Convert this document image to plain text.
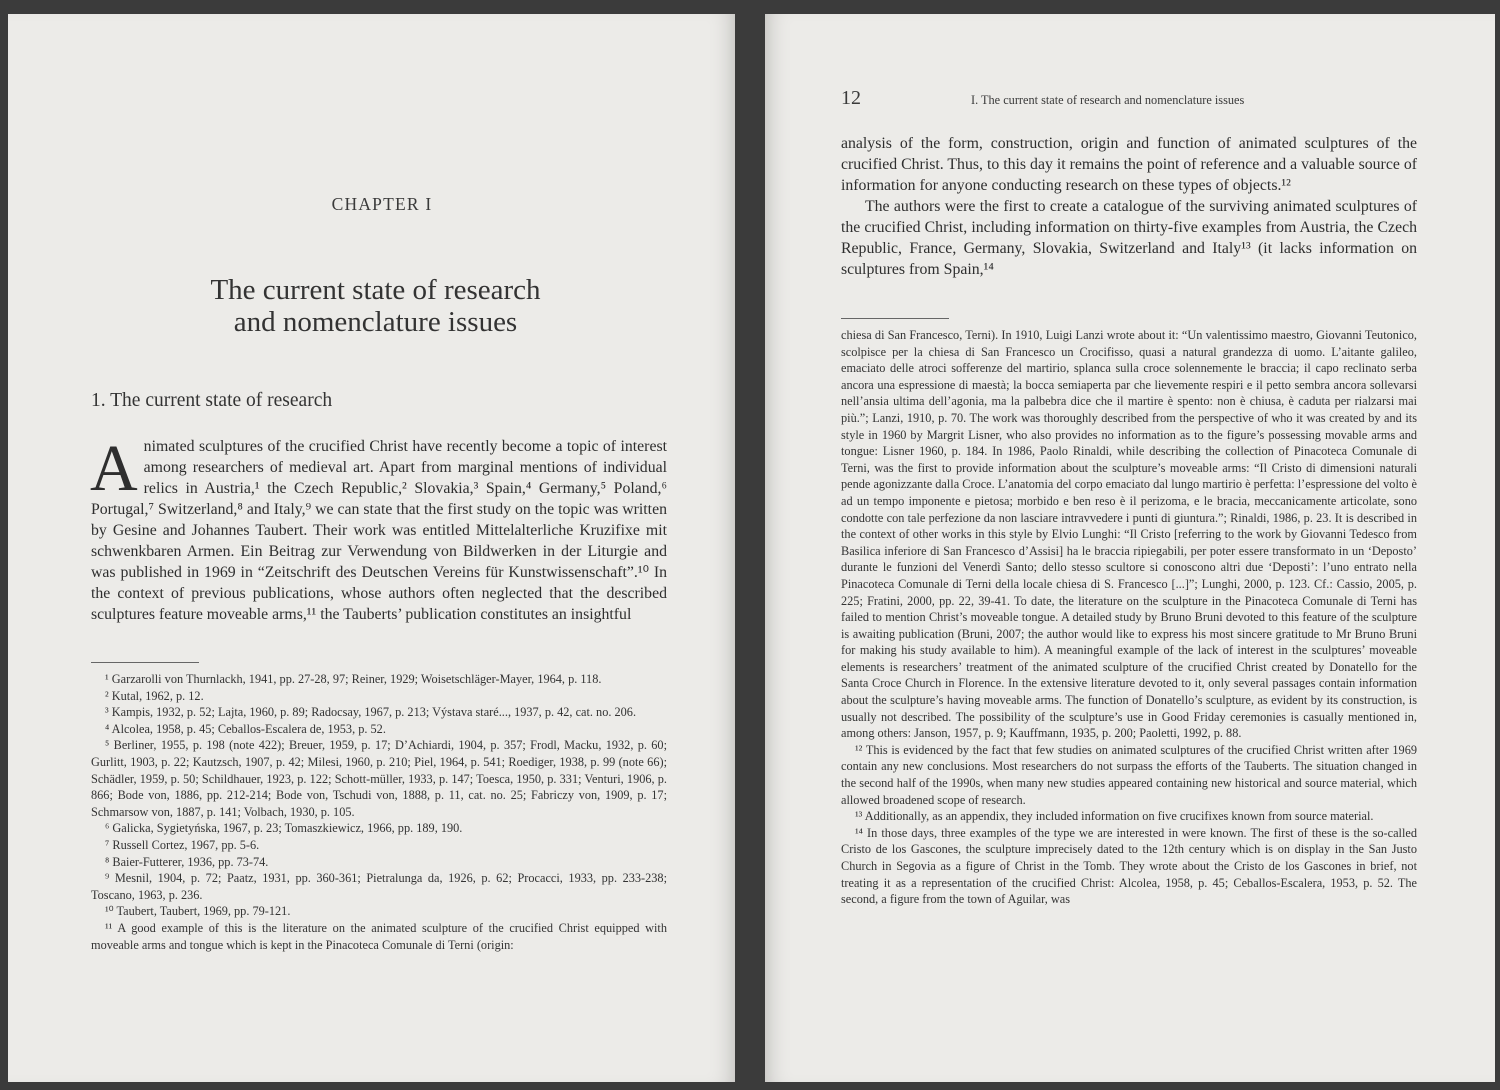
CHAPTER I
The current state of research
and nomenclature issues
1. The current state of research
A nimated sculptures of the crucified Christ have recently become a topic of interest among researchers of medieval art. Apart from marginal mentions of individual relics in Austria,¹ the Czech Republic,² Slovakia,³ Spain,⁴ Germany,⁵ Poland,⁶ Portugal,⁷ Switzerland,⁸ and Italy,⁹ we can state that the first study on the topic was written by Gesine and Johannes Taubert. Their work was entitled Mittelalterliche Kruzifixe mit schwenkbaren Armen. Ein Beitrag zur Verwendung von Bildwerken in der Liturgie and was published in 1969 in “Zeitschrift des Deutschen Vereins für Kunstwissenschaft”.¹⁰ In the context of previous publications, whose authors often neglected that the described sculptures feature moveable arms,¹¹ the Tauberts’ publication constitutes an insightful

¹ Garzarolli von Thurnlackh, 1941, pp. 27-28, 97; Reiner, 1929; Woisetschläger-Mayer, 1964, p. 118.

² Kutal, 1962, p. 12.

³ Kampis, 1932, p. 52; Lajta, 1960, p. 89; Radocsay, 1967, p. 213; Výstava staré..., 1937, p. 42, cat. no. 206.

⁴ Alcolea, 1958, p. 45; Ceballos-Escalera de, 1953, p. 52.

⁵ Berliner, 1955, p. 198 (note 422); Breuer, 1959, p. 17; D’Achiardi, 1904, p. 357; Frodl, Macku, 1932, p. 60; Gurlitt, 1903, p. 22; Kautzsch, 1907, p. 42; Milesi, 1960, p. 210; Piel, 1964, p. 541; Roediger, 1938, p. 99 (note 66); Schädler, 1959, p. 50; Schildhauer, 1923, p. 122; Schott-müller, 1933, p. 147; Toesca, 1950, p. 331; Venturi, 1906, p. 866; Bode von, 1886, pp. 212-214; Bode von, Tschudi von, 1888, p. 11, cat. no. 25; Fabriczy von, 1909, p. 17; Schmarsow von, 1887, p. 141; Volbach, 1930, p. 105.

⁶ Galicka, Sygietyńska, 1967, p. 23; Tomaszkiewicz, 1966, pp. 189, 190.

⁷ Russell Cortez, 1967, pp. 5-6.

⁸ Baier-Futterer, 1936, pp. 73-74.

⁹ Mesnil, 1904, p. 72; Paatz, 1931, pp. 360-361; Pietralunga da, 1926, p. 62; Procacci, 1933, pp. 233-238; Toscano, 1963, p. 236.

¹⁰ Taubert, Taubert, 1969, pp. 79-121.

¹¹ A good example of this is the literature on the animated sculpture of the crucified Christ equipped with moveable arms and tongue which is kept in the Pinacoteca Comunale di Terni (origin:

12	I. The current state of research and nomenclature issues

analysis of the form, construction, origin and function of animated sculptures of the crucified Christ. Thus, to this day it remains the point of reference and a valuable source of information for anyone conducting research on these types of objects.¹²

The authors were the first to create a catalogue of the surviving animated sculptures of the crucified Christ, including information on thirty-five examples from Austria, the Czech Republic, France, Germany, Slovakia, Switzerland and Italy¹³ (it lacks information on sculptures from Spain,¹⁴

chiesa di San Francesco, Terni). In 1910, Luigi Lanzi wrote about it: “Un valentissimo maestro, Giovanni Teutonico, scolpisce per la chiesa di San Francesco un Crocifisso, quasi a natural grandezza di uomo. L’aitante galileo, emaciato delle atroci sofferenze del martirio, splanca sulla croce solennemente le braccia; il capo reclinato serba ancora una espressione di maestà; la bocca semiaperta par che lievemente respiri e il petto sembra ancora sollevarsi nell’ansia ultima dell’agonia, ma la palbebra dice che il martire è spento: non è chiusa, è caduta per rialzarsi mai più.”; Lanzi, 1910, p. 70. The work was thoroughly described from the perspective of who it was created by and its style in 1960 by Margrit Lisner, who also provides no information as to the figure’s possessing movable arms and tongue: Lisner 1960, p. 184. In 1986, Paolo Rinaldi, while describing the collection of Pinacoteca Comunale di Terni, was the first to provide information about the sculpture’s moveable arms: “Il Cristo di dimensioni naturali pende agonizzante dalla Croce. L’anatomia del corpo emaciato dal lungo martirio è perfetta: l’espressione del volto è ad un tempo imponente e pietosa; morbido e ben reso è il perizoma, e le bracia, meccanicamente articolate, sono condotte con tale perfezione da non lasciare intravvedere i punti di giuntura.”; Rinaldi, 1986, p. 23. It is described in the context of other works in this style by Elvio Lunghi: “Il Cristo [referring to the work by Giovanni Tedesco from Basilica inferiore di San Francesco d’Assisi] ha le braccia ripiegabili, per poter essere transformato in un ‘Deposto’ durante le funzioni del Venerdì Santo; dello stesso scultore si conoscono altri due ‘Deposti’: l’uno entrato nella Pinacoteca Comunale di Terni della locale chiesa di S. Francesco [...]”; Lunghi, 2000, p. 123. Cf.: Cassio, 2005, p. 225; Fratini, 2000, pp. 22, 39-41. To date, the literature on the sculpture in the Pinacoteca Comunale di Terni has failed to mention Christ’s moveable tongue. A detailed study by Bruno Bruni devoted to this feature of the sculpture is awaiting publication (Bruni, 2007; the author would like to express his most sincere gratitude to Mr Bruno Bruni for making his study available to him). A meaningful example of the lack of interest in the sculptures’ moveable elements is researchers’ treatment of the animated sculpture of the crucified Christ created by Donatello for the Santa Croce Church in Florence. In the extensive literature devoted to it, only several passages contain information about the sculpture’s having moveable arms. The function of Donatello’s sculpture, as evident by its construction, is usually not described. The possibility of the sculpture’s use in Good Friday ceremonies is casually mentioned in, among others: Janson, 1957, p. 9; Kauffmann, 1935, p. 200; Paoletti, 1992, p. 88.

¹² This is evidenced by the fact that few studies on animated sculptures of the crucified Christ written after 1969 contain any new conclusions. Most researchers do not surpass the efforts of the Tauberts. The situation changed in the second half of the 1990s, when many new studies appeared containing new historical and source material, which allowed broadened scope of research.

¹³ Additionally, as an appendix, they included information on five crucifixes known from source material.

¹⁴ In those days, three examples of the type we are interested in were known. The first of these is the so-called Cristo de los Gascones, the sculpture imprecisely dated to the 12th century which is on display in the San Justo Church in Segovia as a figure of Christ in the Tomb. They wrote about the Cristo de los Gascones in brief, not treating it as a representation of the crucified Christ: Alcolea, 1958, p. 45; Ceballos-Escalera, 1953, p. 52. The second, a figure from the town of Aguilar, was
